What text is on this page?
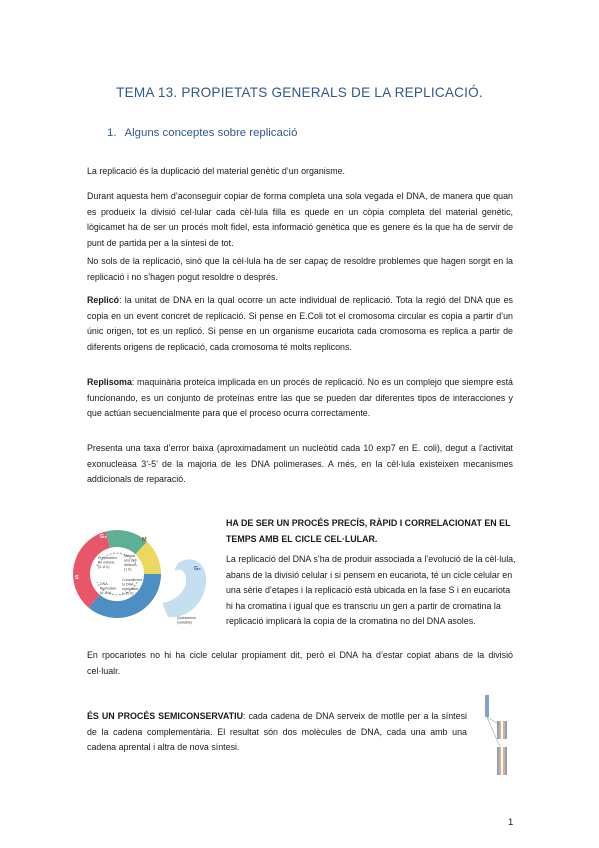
TEMA 13. PROPIETATS GENERALS DE LA REPLICACIÓ.
1. Alguns conceptes sobre replicació

La replicació és la duplicació del material genètic d’un organisme.

Durant aquesta hem d’aconseguir copiar de forma completa una sola vegada el DNA, de manera que quan es produeix la divisió cel·lular cada cèl·lula filla es quede en un còpia completa del material genètic, lògicamet ha de ser un procés molt fidel, esta informació genètica que es genere és la que ha de servir de punt de partida per a la síntesi de tot.

No sols de la replicació, sinó que la cèl·lula ha de ser capaç de resoldre problemes que hagen sorgit en la replicació i no s’hagen pogut resoldre o després.

Replicó: la unitat de DNA en la qual ocorre un acte individual de replicació. Tota la regió del DNA que es copia en un event concret de replicació. Si pense en E.Coli tot el cromosoma circular es copia a partir d’un únic origen, tot es un replicó. Si pense en un organisme eucariota cada cromosoma es replica a partir de diferents origens de replicació, cada cromosoma té molts replicons.

Replisoma: maquinària proteica implicada en un procés de replicació. No es un complejo que siempre está funcionando, es un conjunto de proteínas entre las que se pueden dar diferentes tipos de interacciones y que actúan secuencialmente para que el proceso ocurra correctamente.

Presenta una taxa d’error baixa (aproximadament un nucleòtid cada 10 exp7 en E. coli), degut a l’activitat exonucleasa 3’-5’ de la majoria de les DNA polimerases. A més, en la cèl·lula existeixen mecanismes addicionals de reparació.

G₂	M
S
G₁
G₀
Preparation
for mitosis
(2–6 h)
Mitosis
and cell
division
(1 h)
DNA
replication
(6–8 h)
Commitment
to DNA
replication
(~10 h)
Quiescence
(variable)
HA DE SER UN PROCÉS PRECÍS, RÀPID I CORRELACIONAT EN EL TEMPS AMB EL CICLE CEL·LULAR.

La replicació del DNA s’ha de produir associada a l’evolució de la cèl·lula, abans de la divisió celular i si pensem en eucariota, té un cicle celular en una sèrie d’etapes i la replicació està ubicada en la fase S i en eucariota hi ha cromatina i igual que es transcriu un gen a partir de cromatina la replicació implicarà la copia de la cromatina no del DNA asoles.

En rpocariotes no hi ha cicle celular propiament dit, però el DNA ha d’estar copiat abans de la divisió cel·lualr.

ÉS UN PROCÉS SEMICONSERVATIU: cada cadena de DNA serveix de motlle per a la síntesi de la cadena complementària. El resultat són dos molècules de DNA, cada una amb una cadena aprental i altra de nova síntesi.

1
